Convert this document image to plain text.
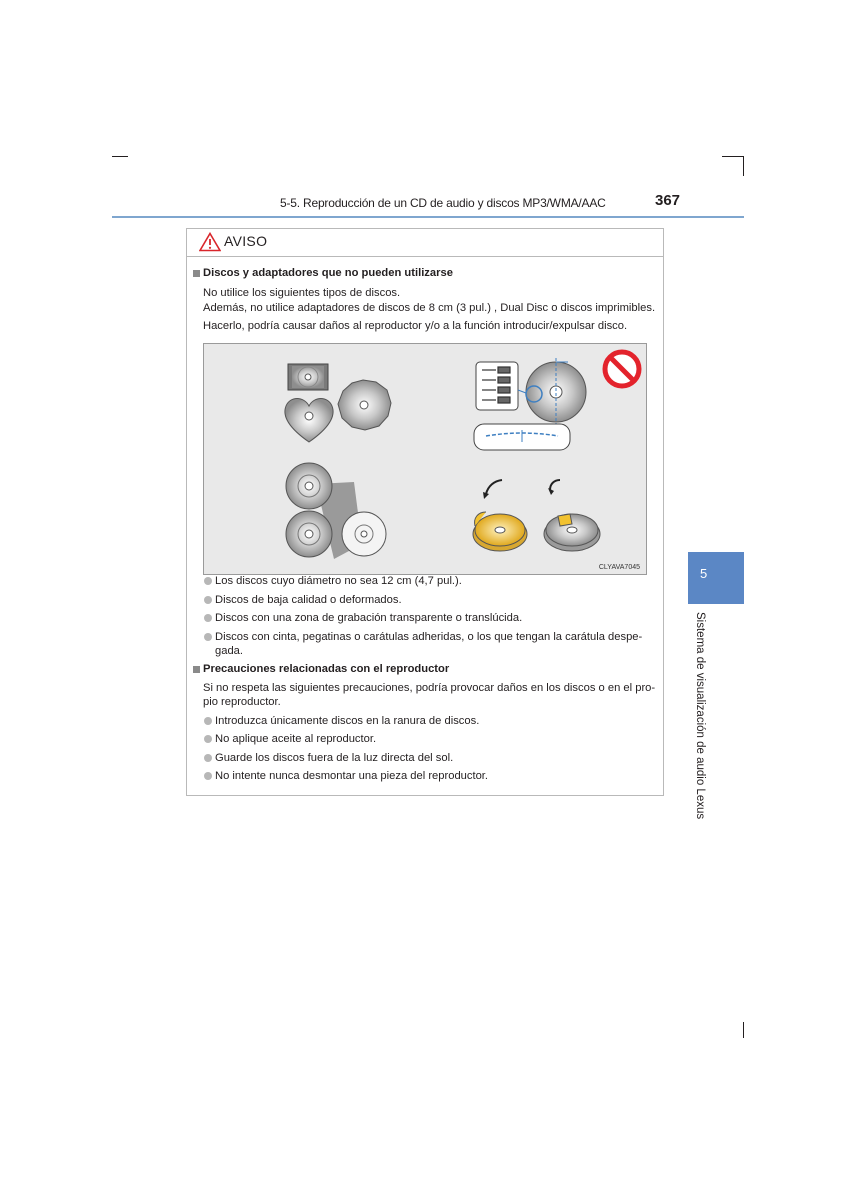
5-5. Reproducción de un CD de audio y discos MP3/WMA/AAC	367
5
Sistema de visualización de audio Lexus
AVISO
Discos y adaptadores que no pueden utilizarse
No utilice los siguientes tipos de discos.
Además, no utilice adaptadores de discos de 8 cm (3 pul.) , Dual Disc o discos imprimibles.
Hacerlo, podría causar daños al reproductor y/o a la función introducir/expulsar disco.
CLYAVA7045
Los discos cuyo diámetro no sea 12 cm (4,7 pul.).
Discos de baja calidad o deformados.
Discos con una zona de grabación transparente o translúcida.
Discos con cinta, pegatinas o carátulas adheridas, o los que tengan la carátula despe-
gada.
Precauciones relacionadas con el reproductor
Si no respeta las siguientes precauciones, podría provocar daños en los discos o en el pro-
pio reproductor.
Introduzca únicamente discos en la ranura de discos.
No aplique aceite al reproductor.
Guarde los discos fuera de la luz directa del sol.
No intente nunca desmontar una pieza del reproductor.
